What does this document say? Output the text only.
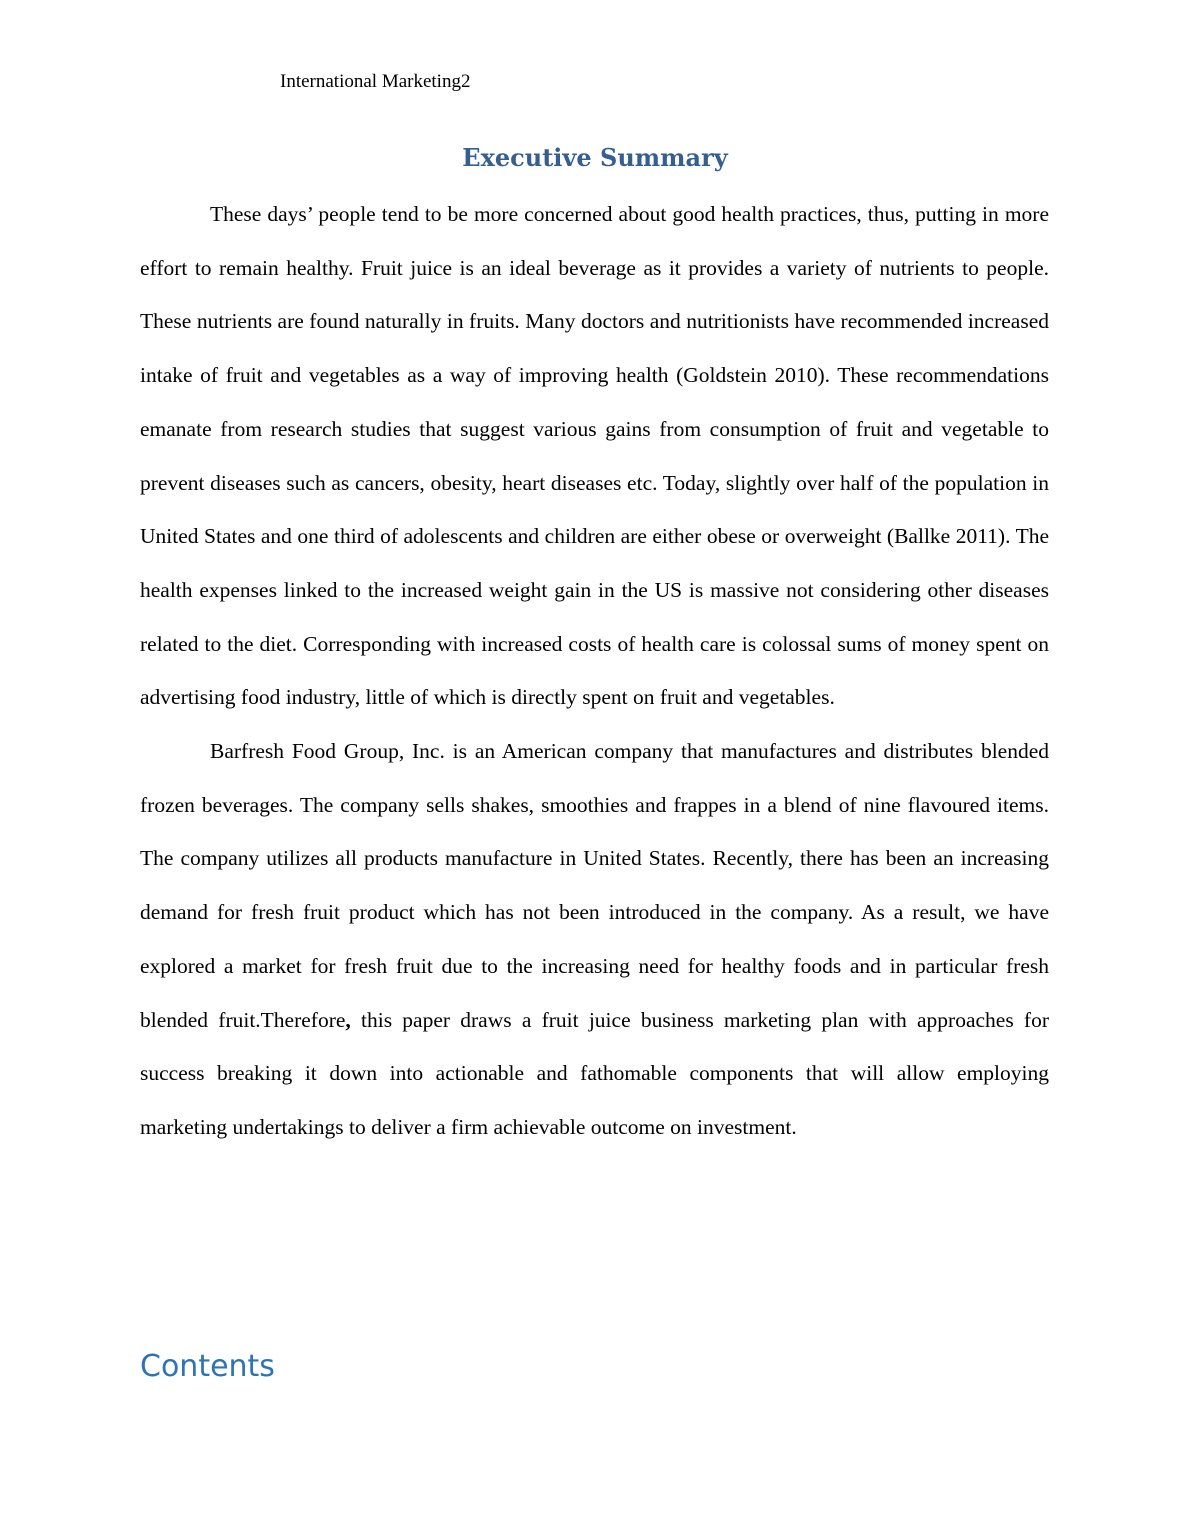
International Marketing2
Executive Summary

These days’ people tend to be more concerned about good health practices, thus, putting in more effort to remain healthy. Fruit juice is an ideal beverage as it provides a variety of nutrients to people. These nutrients are found naturally in fruits. Many doctors and nutritionists have recommended increased intake of fruit and vegetables as a way of improving health (Goldstein 2010). These recommendations emanate from research studies that suggest various gains from consumption of fruit and vegetable to prevent diseases such as cancers, obesity, heart diseases etc. Today, slightly over half of the population in United States and one third of adolescents and children are either obese or overweight (Ballke 2011). The health expenses linked to the increased weight gain in the US is massive not considering other diseases related to the diet. Corresponding with increased costs of health care is colossal sums of money spent on advertising food industry, little of which is directly spent on fruit and vegetables.

Barfresh Food Group, Inc. is an American company that manufactures and distributes blended frozen beverages. The company sells shakes, smoothies and frappes in a blend of nine flavoured items. The company utilizes all products manufacture in United States. Recently, there has been an increasing demand for fresh fruit product which has not been introduced in the company. As a result, we have explored a market for fresh fruit due to the increasing need for healthy foods and in particular fresh blended fruit.Therefore, this paper draws a fruit juice business marketing plan with approaches for success breaking it down into actionable and fathomable components that will allow employing marketing undertakings to deliver a firm achievable outcome on investment.

Contents
